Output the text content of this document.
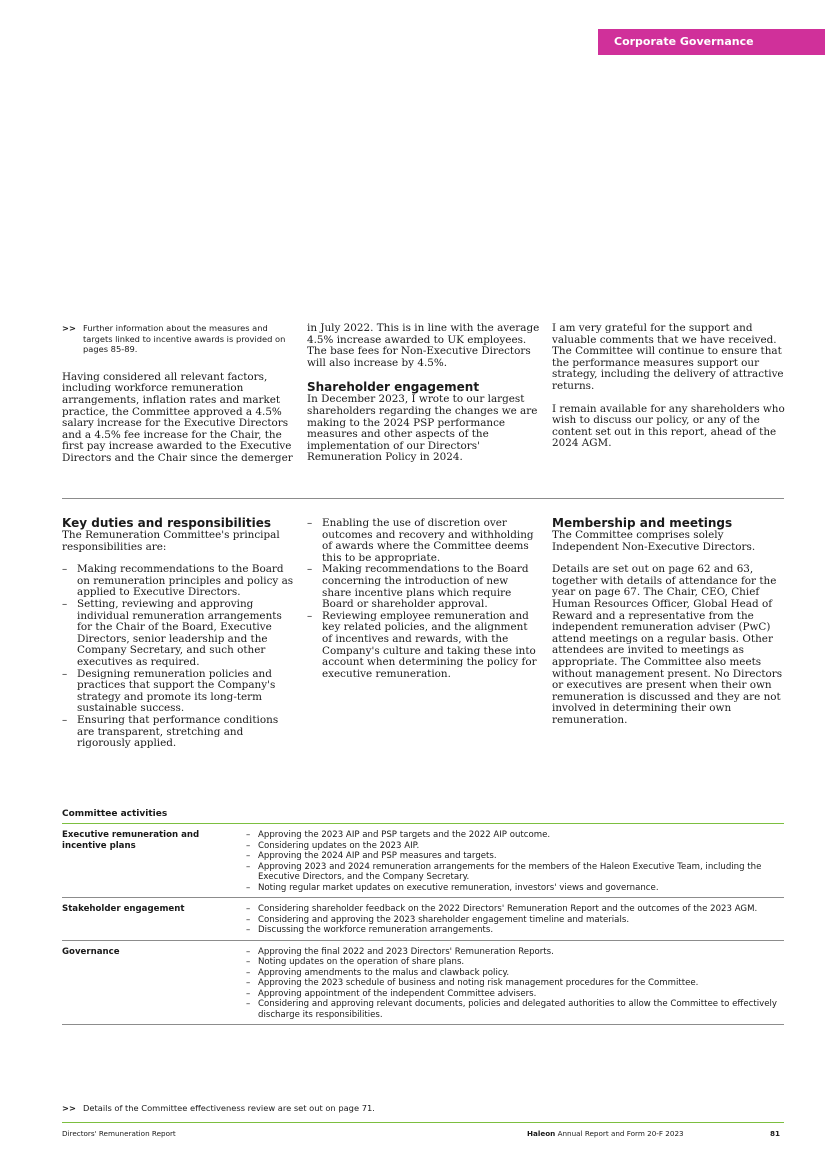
Corporate Governance
>> Further information about the measures and targets linked to incentive awards is provided on pages 85-89.

Having considered all relevant factors, including workforce remuneration arrangements, inflation rates and market practice, the Committee approved a 4.5% salary increase for the Executive Directors and a 4.5% fee increase for the Chair, the first pay increase awarded to the Executive Directors and the Chair since the demerger

in July 2022. This is in line with the average 4.5% increase awarded to UK employees. The base fees for Non-Executive Directors will also increase by 4.5%.

Shareholder engagement

In December 2023, I wrote to our largest shareholders regarding the changes we are making to the 2024 PSP performance measures and other aspects of the implementation of our Directors' Remuneration Policy in 2024.

I am very grateful for the support and valuable comments that we have received. The Committee will continue to ensure that the performance measures support our strategy, including the delivery of attractive returns.

I remain available for any shareholders who wish to discuss our policy, or any of the content set out in this report, ahead of the 2024 AGM.

Key duties and responsibilities

The Remuneration Committee's principal responsibilities are:

– Making recommendations to the Board on remuneration principles and policy as applied to Executive Directors.
– Setting, reviewing and approving individual remuneration arrangements for the Chair of the Board, Executive Directors, senior leadership and the Company Secretary, and such other executives as required.
– Designing remuneration policies and practices that support the Company's strategy and promote its long-term sustainable success.
– Ensuring that performance conditions are transparent, stretching and rigorously applied.
– Enabling the use of discretion over outcomes and recovery and withholding of awards where the Committee deems this to be appropriate.
– Making recommendations to the Board concerning the introduction of new share incentive plans which require Board or shareholder approval.
– Reviewing employee remuneration and key related policies, and the alignment of incentives and rewards, with the Company's culture and taking these into account when determining the policy for executive remuneration.
Membership and meetings

The Committee comprises solely Independent Non-Executive Directors.

Details are set out on page 62 and 63, together with details of attendance for the year on page 67. The Chair, CEO, Chief Human Resources Officer, Global Head of Reward and a representative from the independent remuneration adviser (PwC) attend meetings on a regular basis. Other attendees are invited to meetings as appropriate. The Committee also meets without management present. No Directors or executives are present when their own remuneration is discussed and they are not involved in determining their own remuneration.

Committee activities
Executive remuneration and incentive plans
– Approving the 2023 AIP and PSP targets and the 2022 AIP outcome.
– Considering updates on the 2023 AIP.
– Approving the 2024 AIP and PSP measures and targets.
– Approving 2023 and 2024 remuneration arrangements for the members of the Haleon Executive Team, including the Executive Directors, and the Company Secretary.
– Noting regular market updates on executive remuneration, investors' views and governance.
Stakeholder engagement	– Considering shareholder feedback on the 2022 Directors' Remuneration Report and the outcomes of the 2023 AGM.
– Considering and approving the 2023 shareholder engagement timeline and materials.
– Discussing the workforce remuneration arrangements.
Governance	– Approving the final 2022 and 2023 Directors' Remuneration Reports.
– Noting updates on the operation of share plans.
– Approving amendments to the malus and clawback policy.
– Approving the 2023 schedule of business and noting risk management procedures for the Committee.
– Approving appointment of the independent Committee advisers.
– Considering and approving relevant documents, policies and delegated authorities to allow the Committee to effectively discharge its responsibilities.
>> Details of the Committee effectiveness review are set out on page 71.
Directors' Remuneration Report	Haleon Annual Report and Form 20-F 2023	81
